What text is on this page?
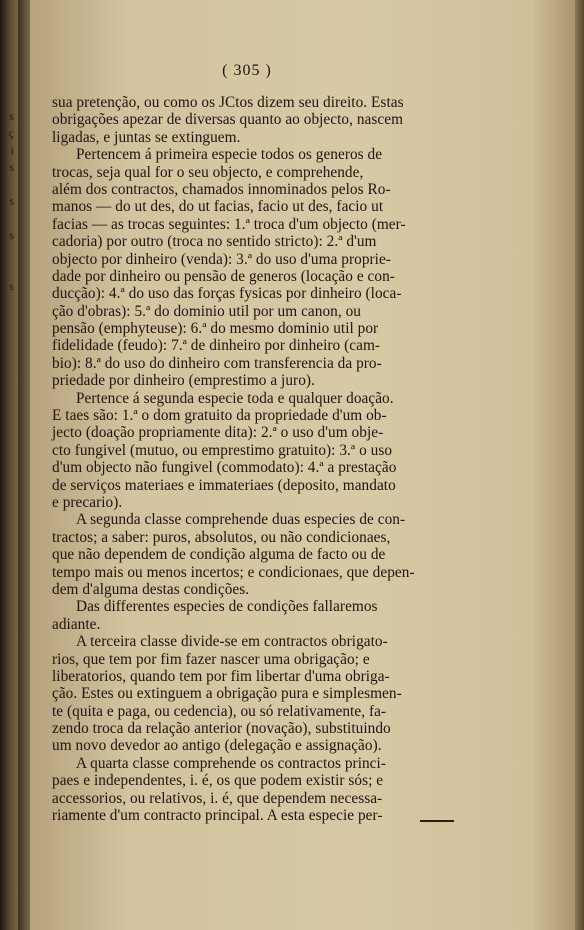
s
ç
i
s
s
s
s
( 305 )
sua pretenção, ou como os JCtos dizem seu direito. Estas
obrigações apezar de diversas quanto ao objecto, nascem
ligadas, e juntas se extinguem.
Pertencem á primeira especie todos os generos de
trocas, seja qual for o seu objecto, e comprehende,
além dos contractos, chamados innominados pelos Ro-
manos — do ut des, do ut facias, facio ut des, facio ut
facias — as trocas seguintes: 1.ª troca d'um objecto (mer-
cadoria) por outro (troca no sentido stricto): 2.ª d'um
objecto por dinheiro (venda): 3.ª do uso d'uma proprie-
dade por dinheiro ou pensão de generos (locação e con-
ducção): 4.ª do uso das forças fysicas por dinheiro (loca-
ção d'obras): 5.ª do dominio util por um canon, ou
pensão (emphyteuse): 6.ª do mesmo dominio util por
fidelidade (feudo): 7.ª de dinheiro por dinheiro (cam-
bio): 8.ª do uso do dinheiro com transferencia da pro-
priedade por dinheiro (emprestimo a juro).
Pertence á segunda especie toda e qualquer doação.
E taes são: 1.ª o dom gratuito da propriedade d'um ob-
jecto (doação propriamente dita): 2.ª o uso d'um obje-
cto fungivel (mutuo, ou emprestimo gratuito): 3.ª o uso
d'um objecto não fungivel (commodato): 4.ª a prestação
de serviços materiaes e immateriaes (deposito, mandato
e precario).
A segunda classe comprehende duas especies de con-
tractos; a saber: puros, absolutos, ou não condicionaes,
que não dependem de condição alguma de facto ou de
tempo mais ou menos incertos; e condicionaes, que depen-
dem d'alguma destas condições.
Das differentes especies de condições fallaremos
adiante.
A terceira classe divide-se em contractos obrigato-
rios, que tem por fim fazer nascer uma obrigação; e
liberatorios, quando tem por fim libertar d'uma obriga-
ção. Estes ou extinguem a obrigação pura e simplesmen-
te (quita e paga, ou cedencia), ou só relativamente, fa-
zendo troca da relação anterior (novação), substituindo
um novo devedor ao antigo (delegação e assignação).
A quarta classe comprehende os contractos princi-
paes e independentes, i. é, os que podem existir sós; e
accessorios, ou relativos, i. é, que dependem necessa-
riamente d'um contracto principal. A esta especie per-
